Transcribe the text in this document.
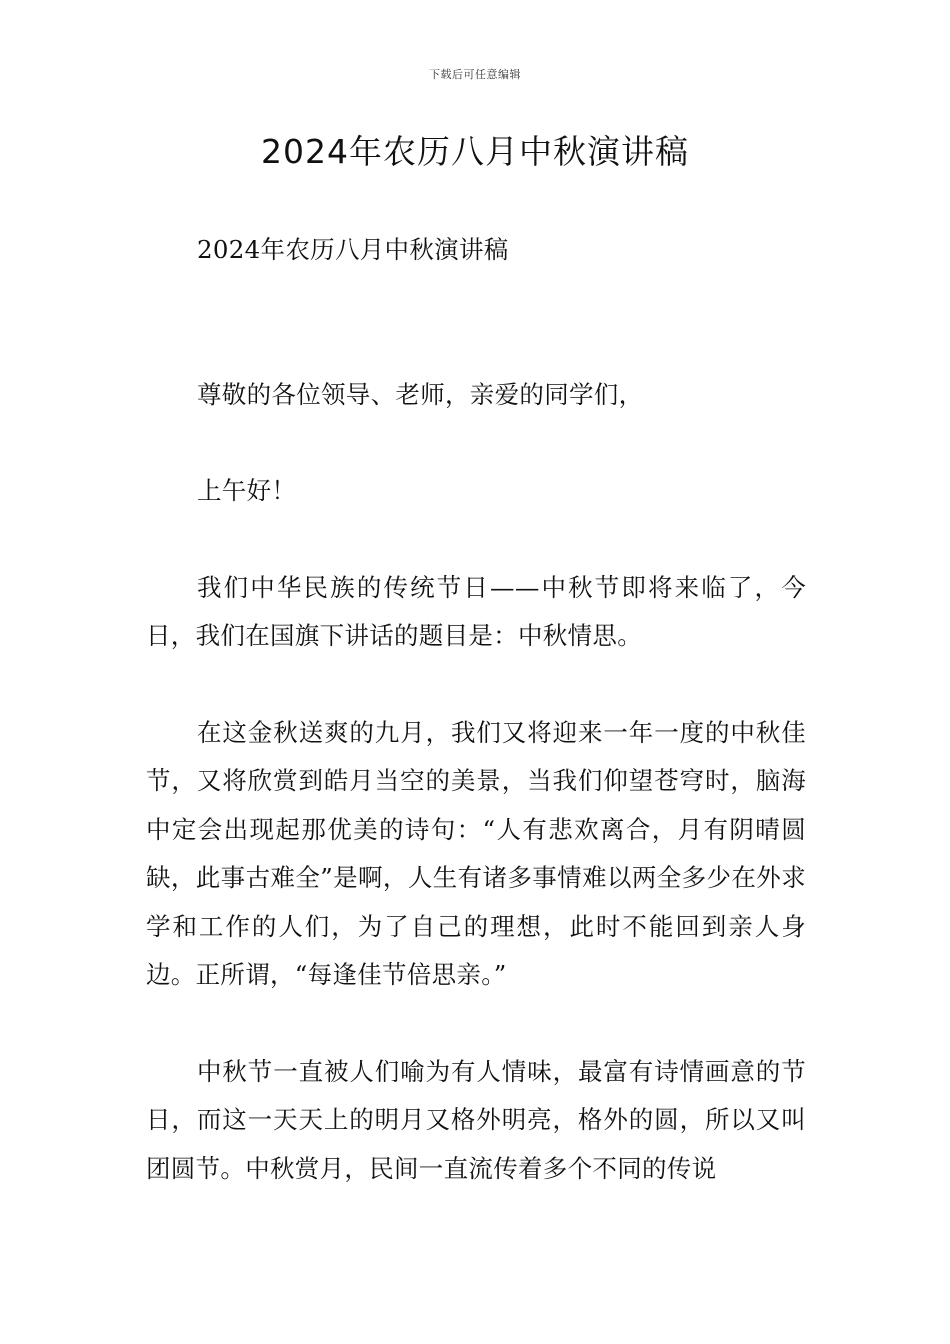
下载后可任意编辑
2024年农历八月中秋演讲稿

2024年农历八月中秋演讲稿

尊敬的各位领导、老师，亲爱的同学们，

上午好！

我们中华民族的传统节日——中秋节即将来临了，今日，我们在国旗下讲话的题目是：中秋情思。

在这金秋送爽的九月，我们又将迎来一年一度的中秋佳节，又将欣赏到皓月当空的美景，当我们仰望苍穹时，脑海中定会出现起那优美的诗句：“人有悲欢离合，月有阴晴圆缺，此事古难全”是啊，人生有诸多事情难以两全多少在外求学和工作的人们，为了自己的理想，此时不能回到亲人身边。正所谓，“每逢佳节倍思亲。”

中秋节一直被人们喻为有人情味，最富有诗情画意的节日，而这一天天上的明月又格外明亮，格外的圆，所以又叫团圆节。中秋赏月，民间一直流传着多个不同的传说
